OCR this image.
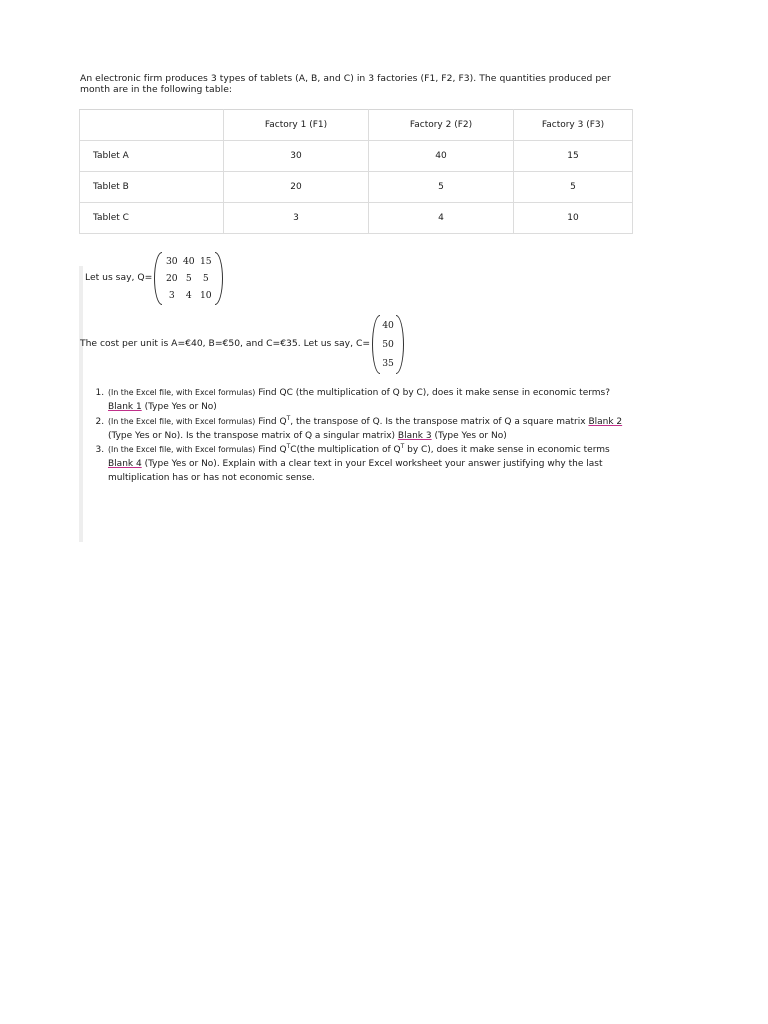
An electronic firm produces 3 types of tablets (A, B, and C) in 3 factories (F1, F2, F3). The quantities produced per month are in the following table:

	Factory 1 (F1)	Factory 2 (F2)	Factory 3 (F3)
Tablet A	30	40	15
Tablet B	20	5	5
Tablet C	3	4	10
Let us say, Q=
30 40 15
20 5	5
3	4 10
The cost per unit is A=€40, B=€50, and C=€35. Let us say, C=
40
50
35
1. (In the Excel file, with Excel formulas) Find QC (the multiplication of Q by C), does it make sense in economic terms?
Blank 1 (Type Yes or No)
2. (In the Excel file, with Excel formulas) Find $Q^T$, the transpose of Q. Is the transpose matrix of Q a square matrix Blank 2 (Type Yes or No). Is the transpose matrix of Q a singular matrix) Blank 3 (Type Yes or No)
3. (In the Excel file, with Excel formulas) Find $Q^TC(the$ multiplication of $Q^T$ by C), does it make sense in economic terms
Blank 4 (Type Yes or No). Explain with a clear text in your Excel worksheet your answer justifying why the last multiplication has or has not economic sense.
